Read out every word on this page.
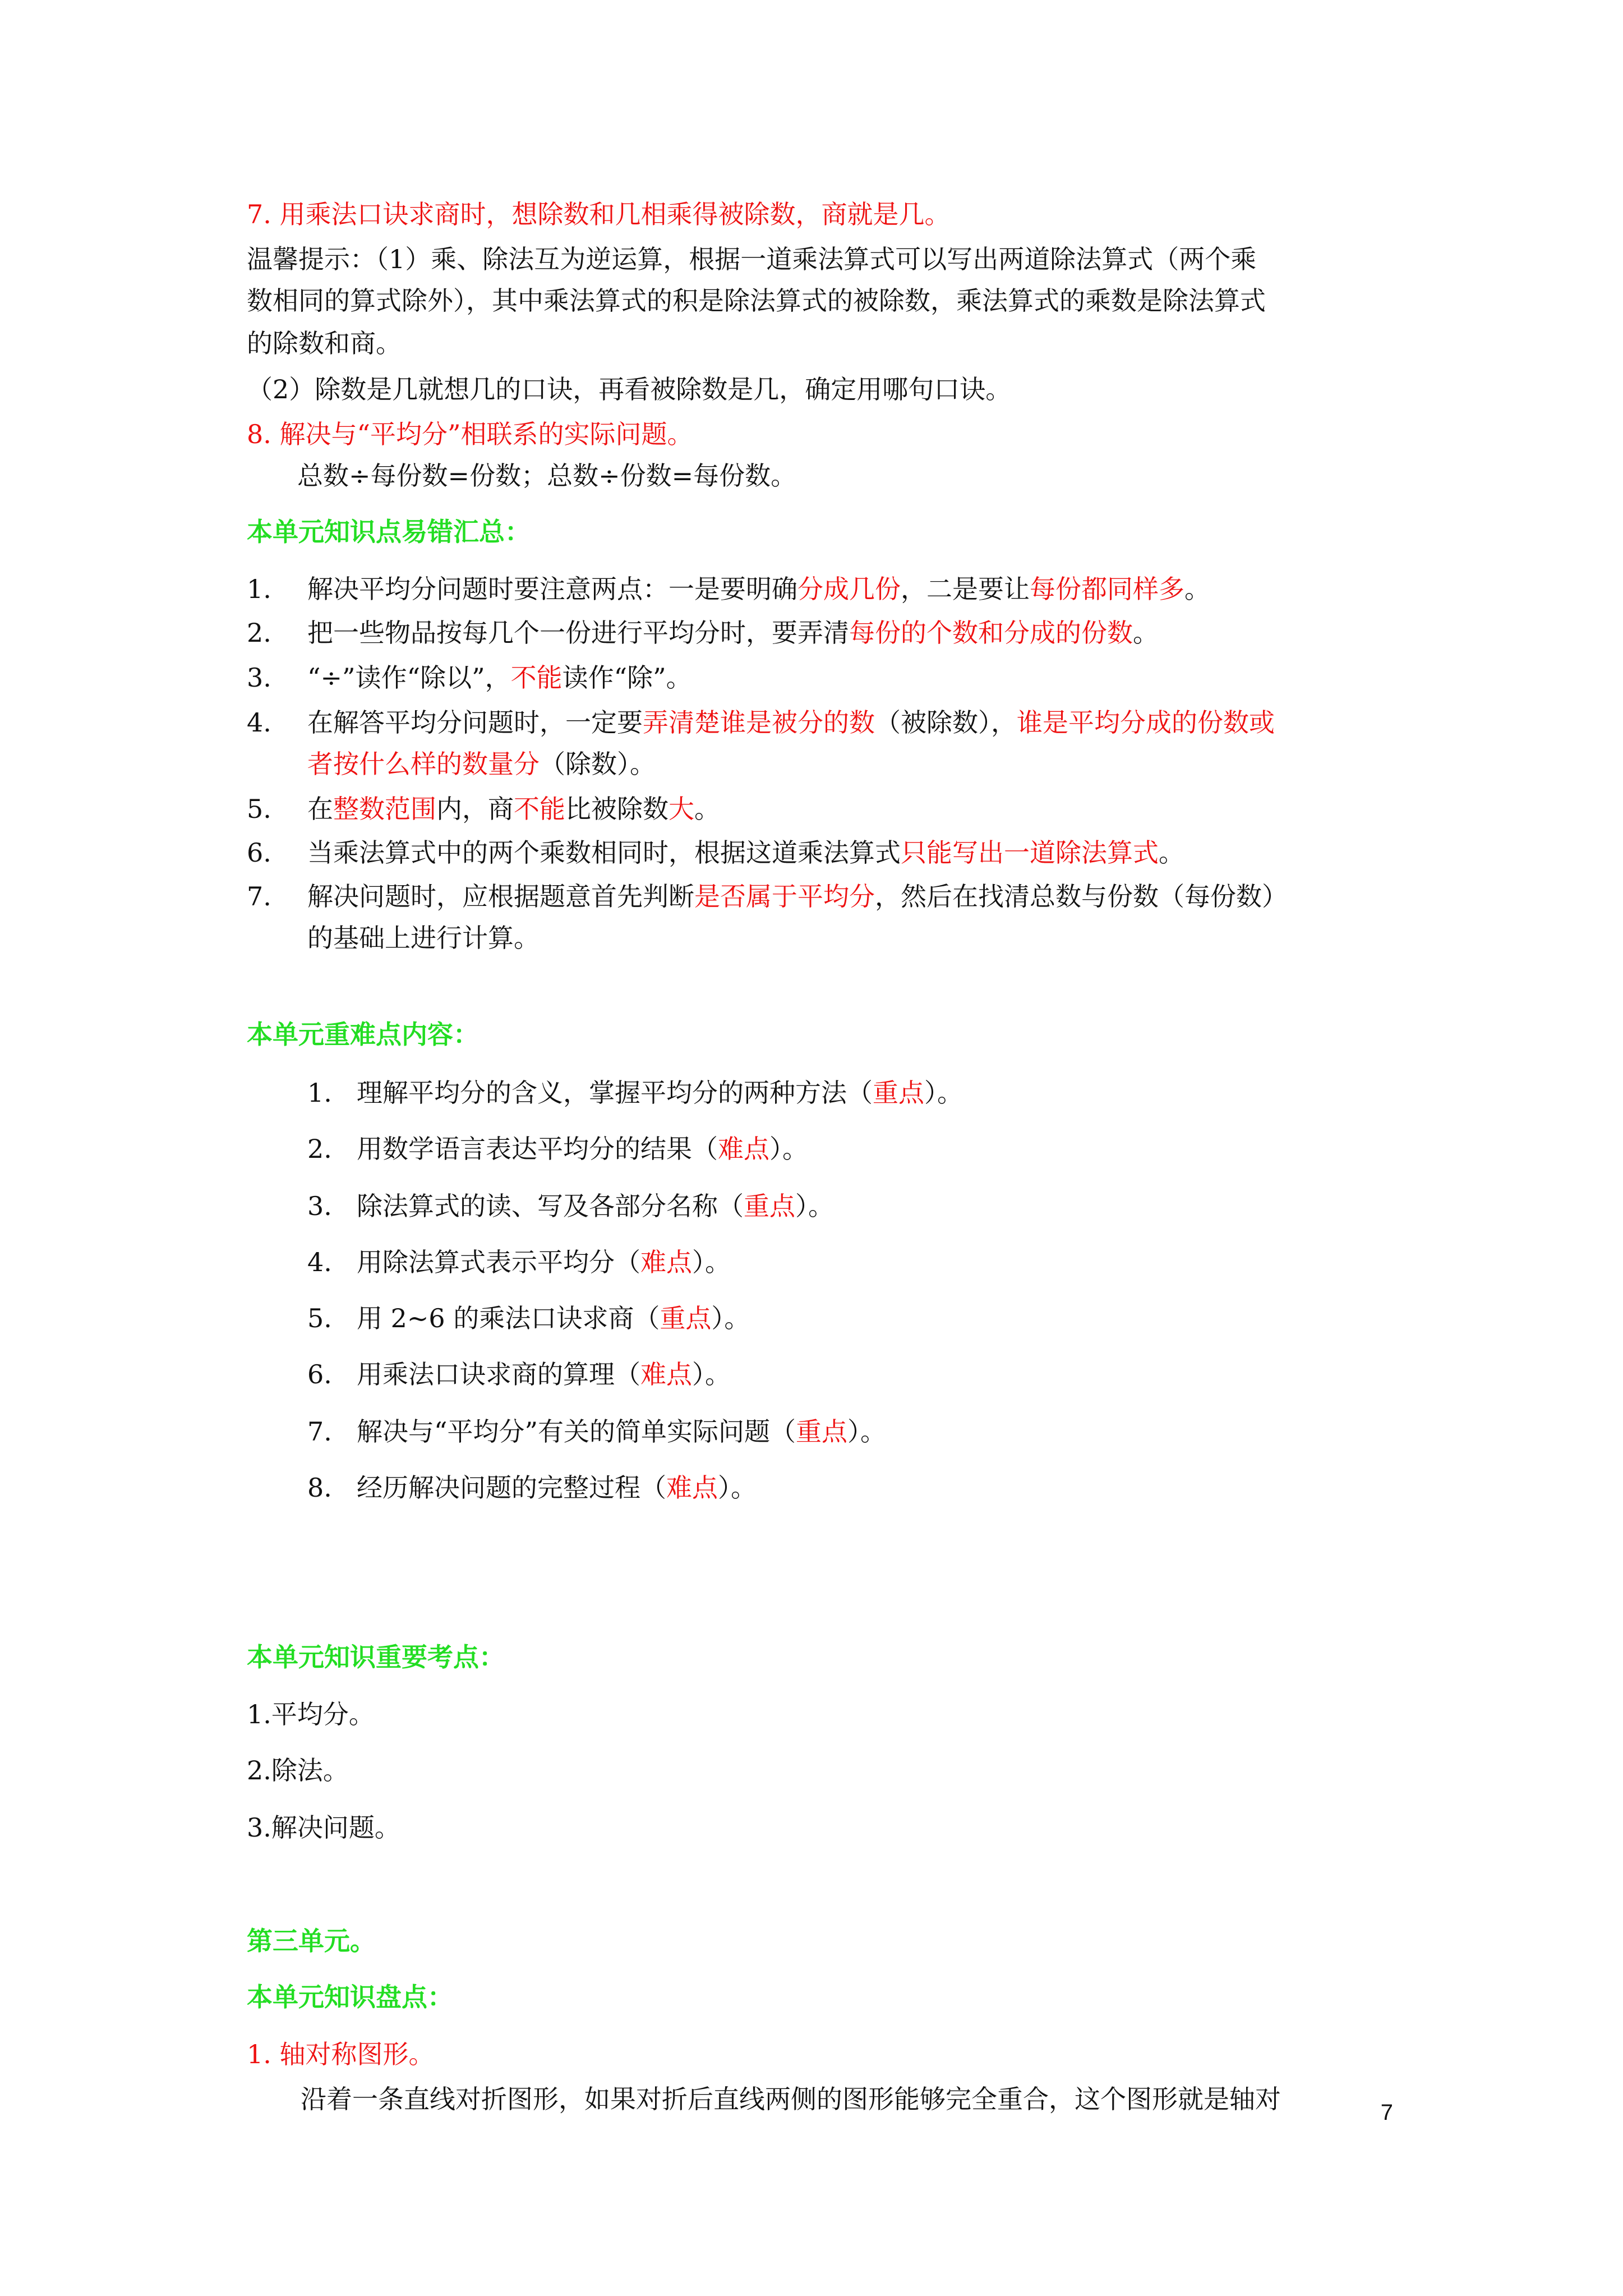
7. 用乘法口诀求商时，想除数和几相乘得被除数，商就是几。
温馨提示：（1）乘、除法互为逆运算，根据一道乘法算式可以写出两道除法算式（两个乘
数相同的算式除外），其中乘法算式的积是除法算式的被除数，乘法算式的乘数是除法算式
的除数和商。
（2）除数是几就想几的口诀，再看被除数是几，确定用哪句口诀。
8. 解决与“平均分”相联系的实际问题。
总数÷每份数=份数；总数÷份数=每份数。
本单元知识点易错汇总：
1. 解决平均分问题时要注意两点：一是要明确分成几份，二是要让每份都同样多。
2. 把一些物品按每几个一份进行平均分时，要弄清每份的个数和分成的份数。
3. “÷”读作“除以”，不能读作“除”。
4. 在解答平均分问题时，一定要弄清楚谁是被分的数（被除数），谁是平均分成的份数或
者按什么样的数量分（除数）。
5. 在整数范围内，商不能比被除数大。
6. 当乘法算式中的两个乘数相同时，根据这道乘法算式只能写出一道除法算式。
7. 解决问题时，应根据题意首先判断是否属于平均分，然后在找清总数与份数（每份数）
的基础上进行计算。
本单元重难点内容：
1. 理解平均分的含义，掌握平均分的两种方法（重点）。
2. 用数学语言表达平均分的结果（难点）。
3. 除法算式的读、写及各部分名称（重点）。
4. 用除法算式表示平均分（难点）。
5. 用 2~6 的乘法口诀求商（重点）。
6. 用乘法口诀求商的算理（难点）。
7. 解决与“平均分”有关的简单实际问题（重点）。
8. 经历解决问题的完整过程（难点）。
本单元知识重要考点：
1.平均分。
2.除法。
3.解决问题。
第三单元。
本单元知识盘点：
1. 轴对称图形。
沿着一条直线对折图形，如果对折后直线两侧的图形能够完全重合，这个图形就是轴对	7
